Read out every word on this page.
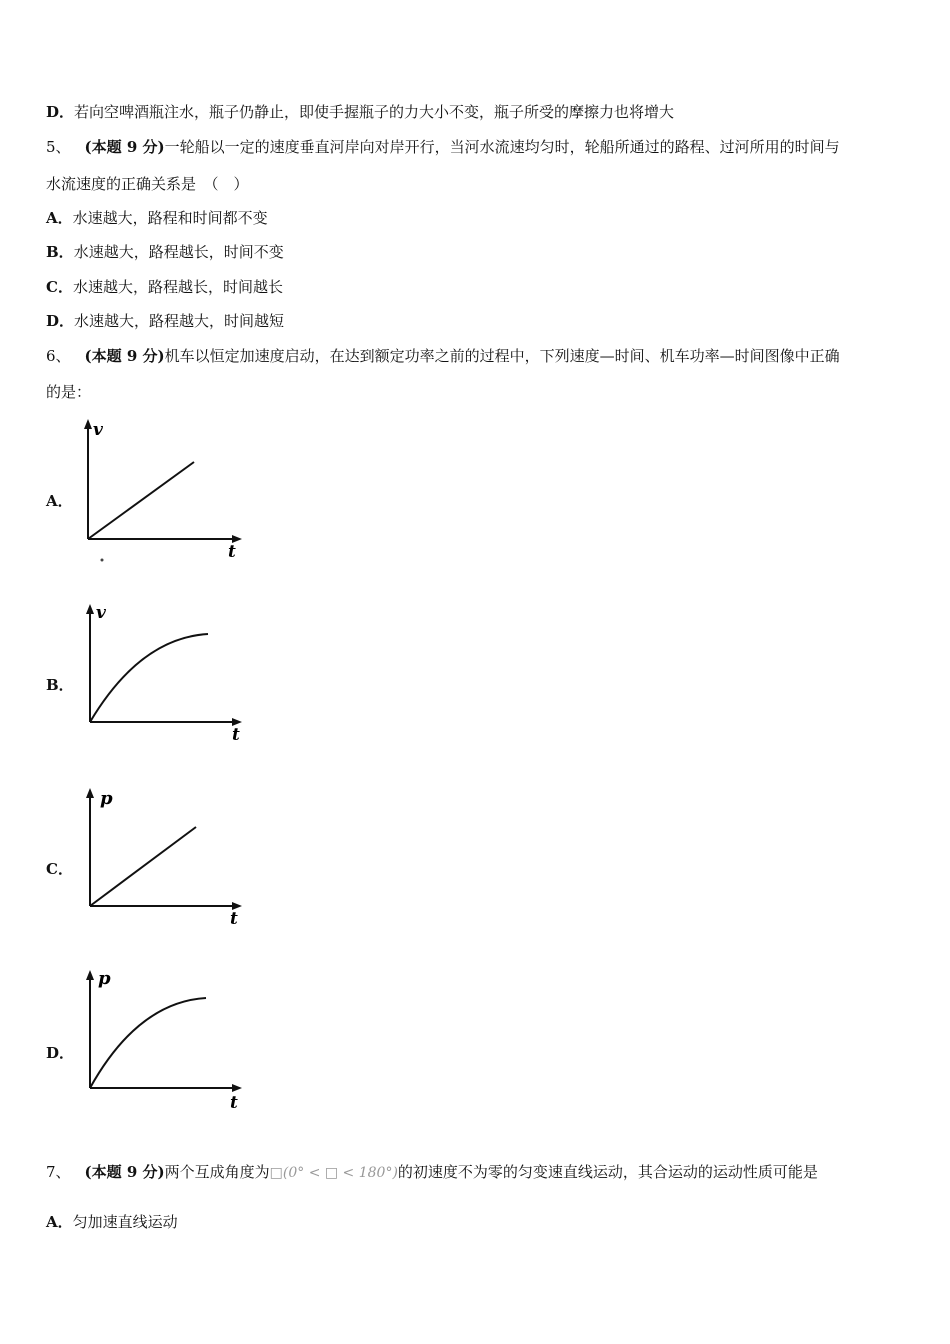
D．若向空啤酒瓶注水，瓶子仍静止，即使手握瓶子的力大小不变，瓶子所受的摩擦力也将增大
5、 (本题 9 分)一轮船以一定的速度垂直河岸向对岸开行，当河水流速均匀时，轮船所通过的路程、过河所用的时间与
水流速度的正确关系是　（　）
A．水速越大，路程和时间都不变
B．水速越大，路程越长，时间不变
C．水速越大，路程越长，时间越长
D．水速越大，路程越大，时间越短
6、 (本题 9 分)机车以恒定加速度启动，在达到额定功率之前的过程中，下列速度—时间、机车功率—时间图像中正确
的是：
A．
v
t
B．
v
t
C．
p
t
D．
p
t
7、 (本题 9 分)两个互成角度为□(0° < □ < 180°)的初速度不为零的匀变速直线运动，其合运动的运动性质可能是
A．匀加速直线运动
